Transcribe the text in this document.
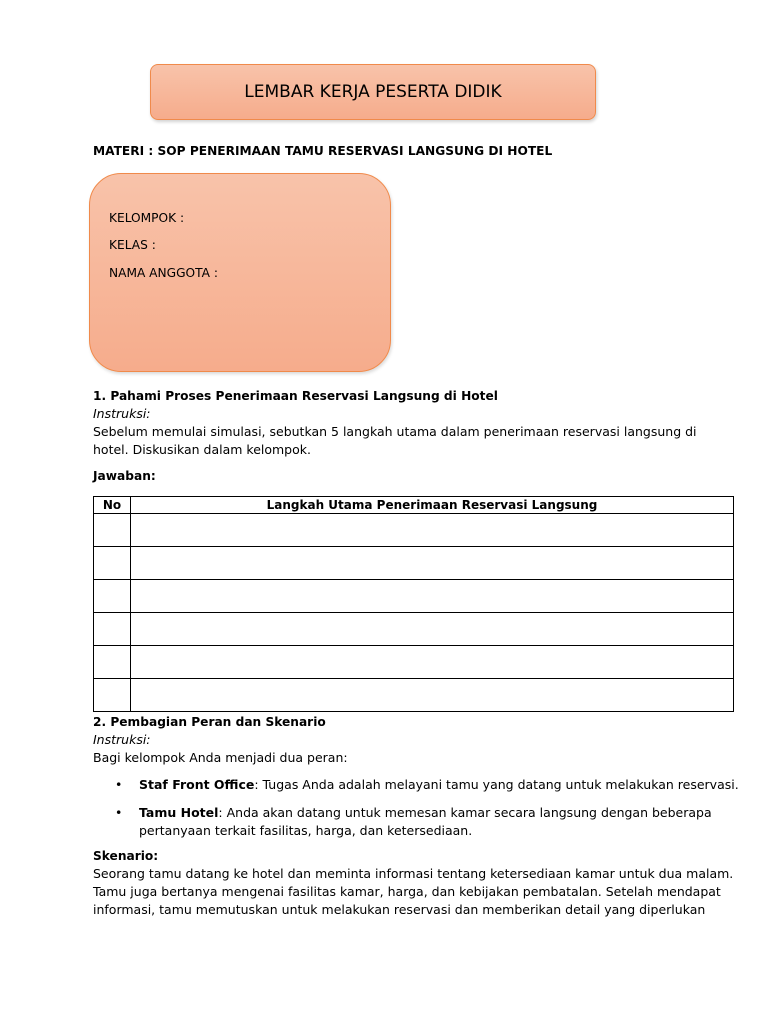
LEMBAR KERJA PESERTA DIDIK
MATERI : SOP PENERIMAAN TAMU RESERVASI LANGSUNG DI HOTEL
KELOMPOK :
KELAS :
NAMA ANGGOTA :
1. Pahami Proses Penerimaan Reservasi Langsung di Hotel
Instruksi:
Sebelum memulai simulasi, sebutkan 5 langkah utama dalam penerimaan reservasi langsung di
hotel. Diskusikan dalam kelompok.
Jawaban:
No	Langkah Utama Penerimaan Reservasi Langsung

2. Pembagian Peran dan Skenario
Instruksi:
Bagi kelompok Anda menjadi dua peran:
• Staf Front Office: Tugas Anda adalah melayani tamu yang datang untuk melakukan reservasi.
• Tamu Hotel: Anda akan datang untuk memesan kamar secara langsung dengan beberapa
pertanyaan terkait fasilitas, harga, dan ketersediaan.
Skenario:
Seorang tamu datang ke hotel dan meminta informasi tentang ketersediaan kamar untuk dua malam.
Tamu juga bertanya mengenai fasilitas kamar, harga, dan kebijakan pembatalan. Setelah mendapat
informasi, tamu memutuskan untuk melakukan reservasi dan memberikan detail yang diperlukan
